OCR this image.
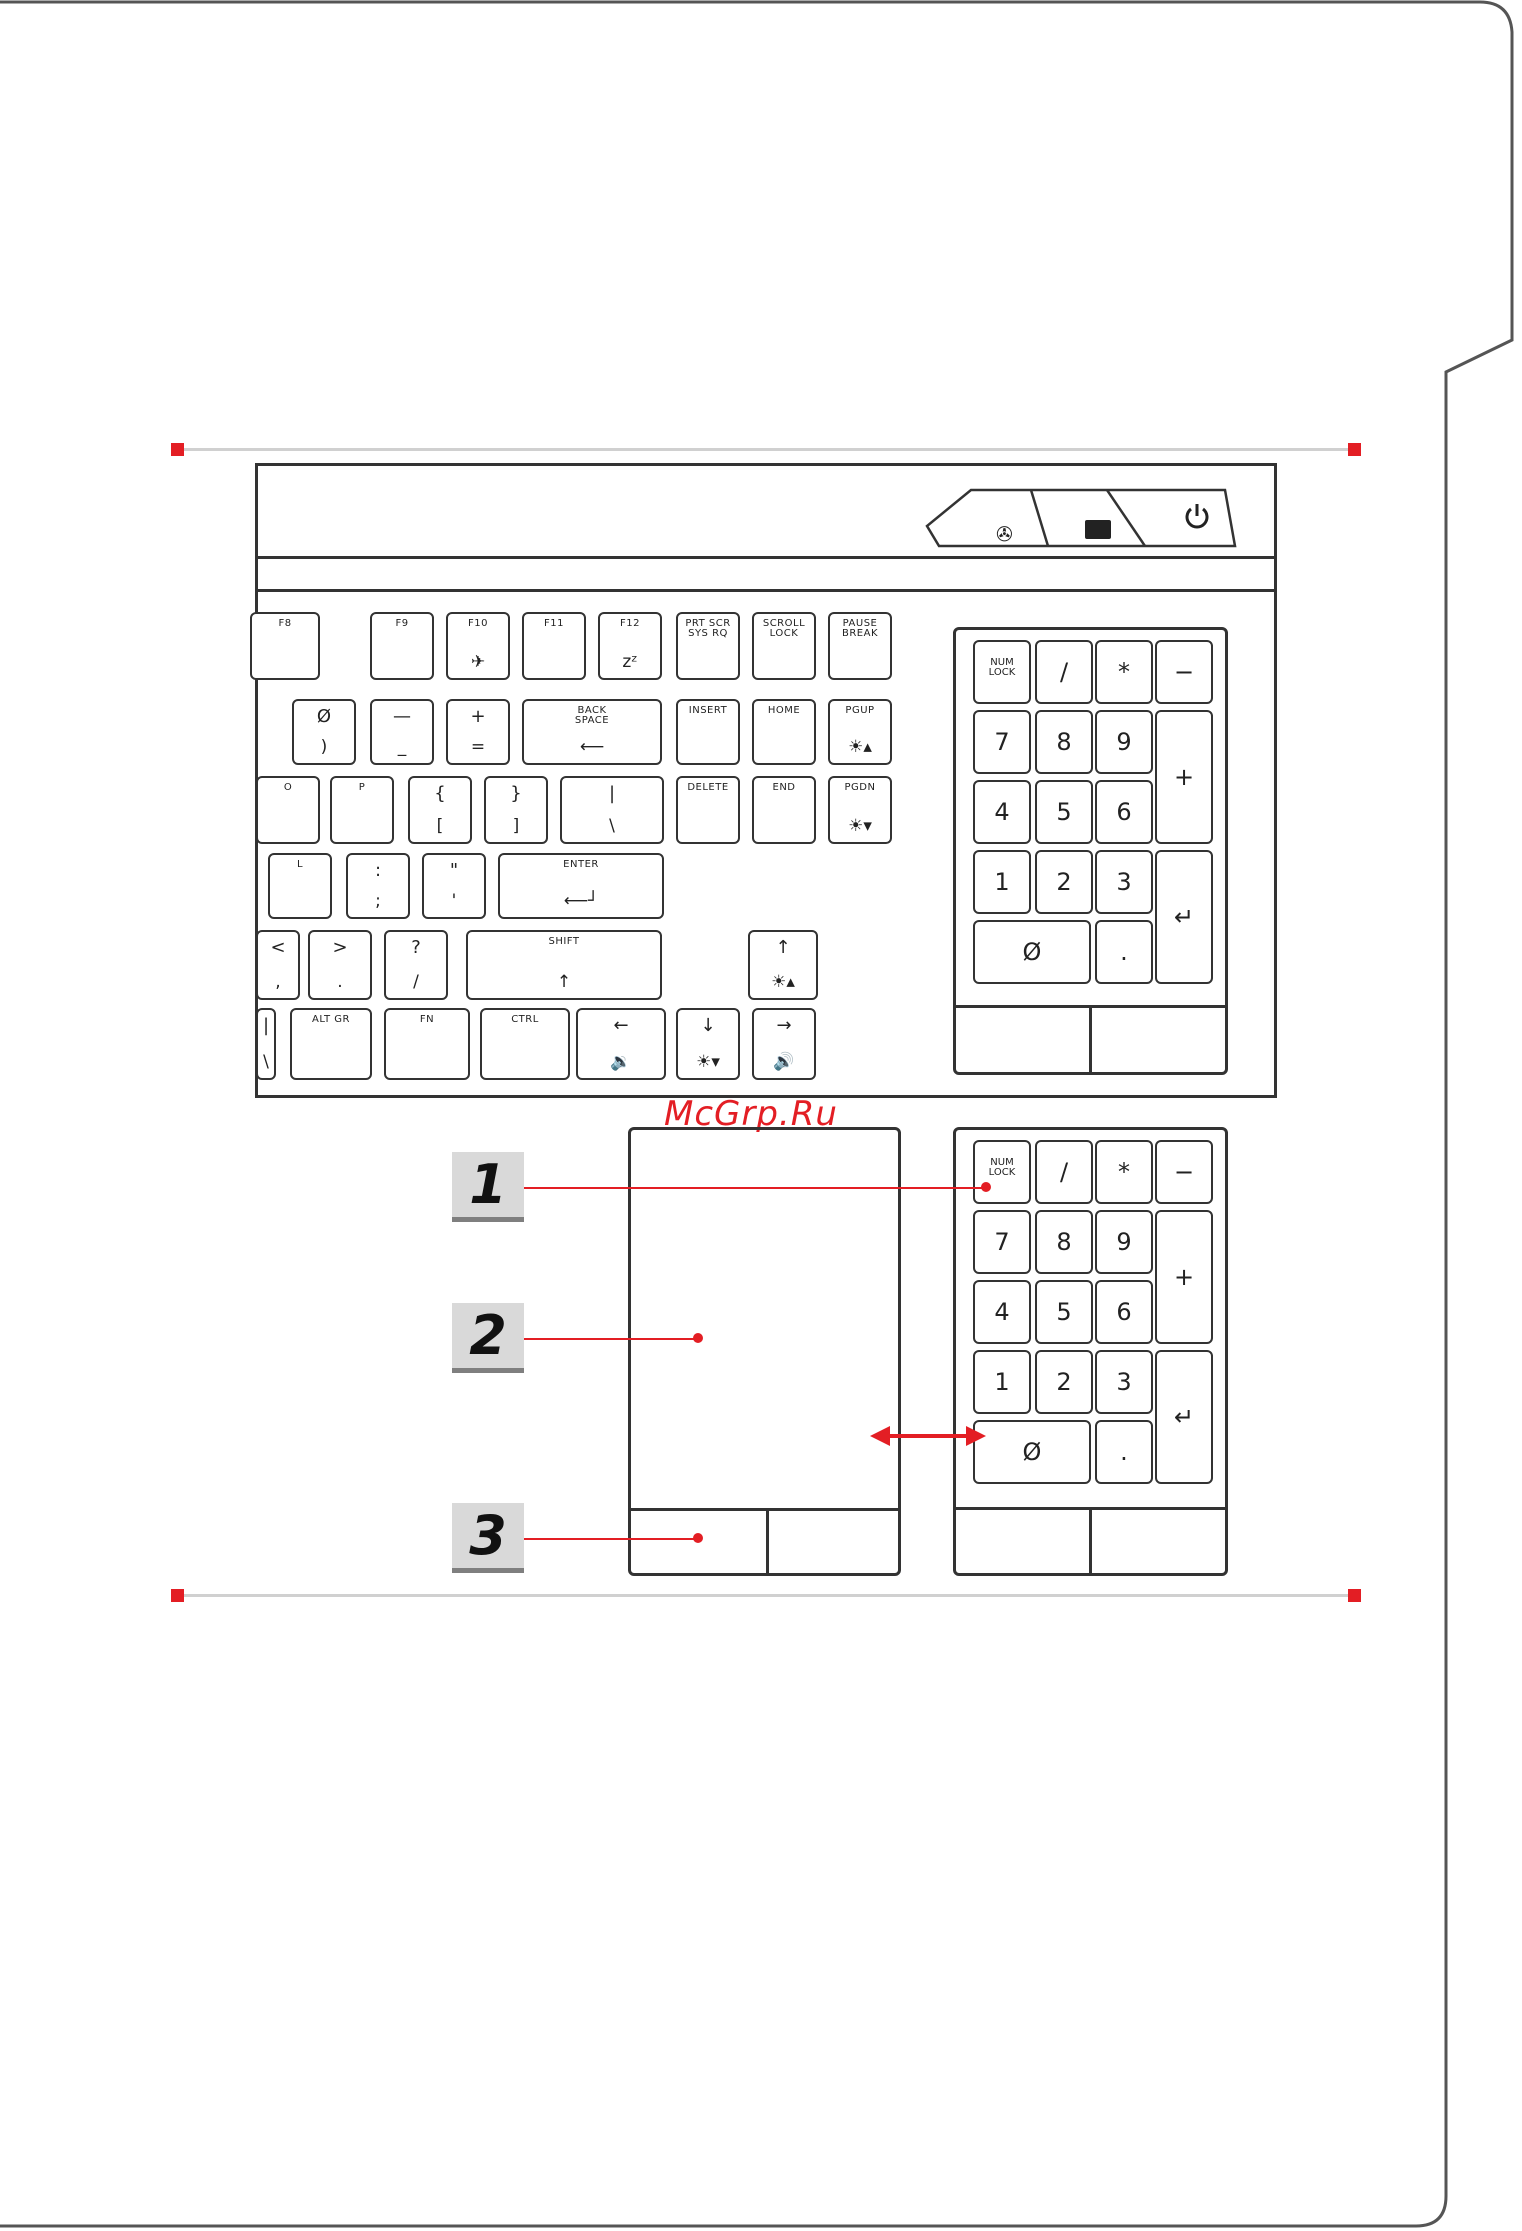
✇
F8	F9	F10
✈
F11	F12
zᶻ
PRT SCR
SYS RQ
SCROLL
LOCK
PAUSE
BREAK
Ø
)
—
_
+
=
BACK
SPACE
⟵
INSERT	HOME	PGUP
☀▴
O	P	{
[
}
]
|
\
DELETE	END	PGDN
☀▾
L	:
;
"
'
ENTER
⟵┘
<
,
>
.
?
/
SHIFT
↑
↑
☀▴
|
\
ALT GR	FN	CTRL	←
🔉
↓
☀▾
→
🔊
NUM
LOCK	/	*	−
7	8	9
+
4	5	6
1	2	3
↵
Ø	.
McGrp.Ru
NUM
LOCK	/	*	−
7	8	9
+
4	5	6
1	2	3
↵
Ø	.
1
2
3
